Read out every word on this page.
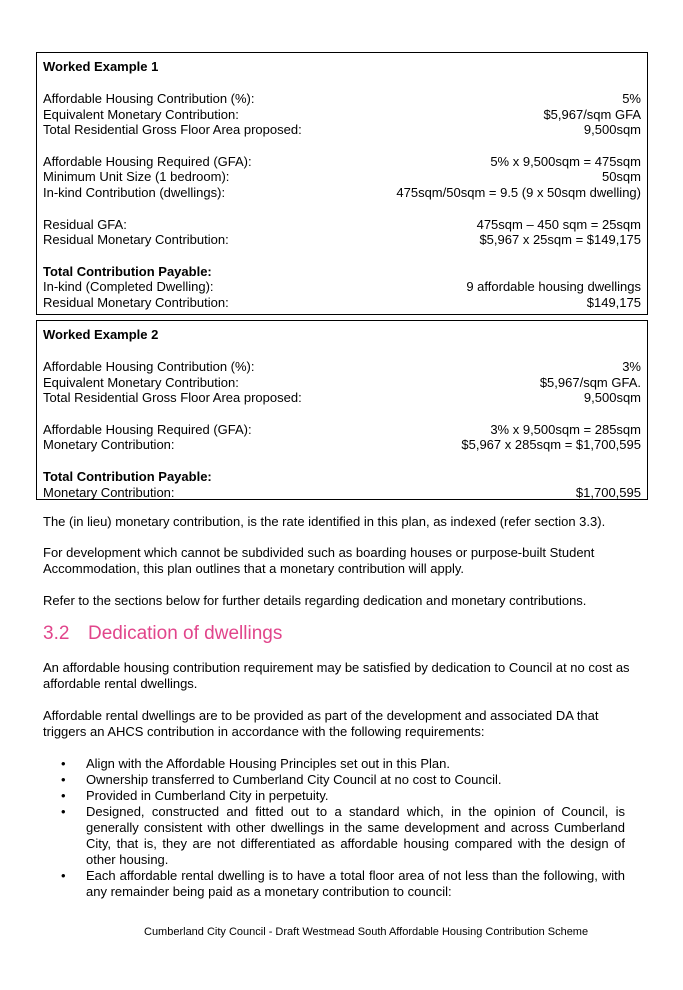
Worked Example 1
Affordable Housing Contribution (%):	5%
Equivalent Monetary Contribution:	$5,967/sqm GFA
Total Residential Gross Floor Area proposed:	9,500sqm
Affordable Housing Required (GFA):	5% x 9,500sqm = 475sqm
Minimum Unit Size (1 bedroom):	50sqm
In-kind Contribution (dwellings):	475sqm/50sqm = 9.5 (9 x 50sqm dwelling)
Residual GFA:	475sqm – 450 sqm = 25sqm
Residual Monetary Contribution:	$5,967 x 25sqm = $149,175
Total Contribution Payable:
In-kind (Completed Dwelling):	9 affordable housing dwellings
Residual Monetary Contribution:	$149,175
Worked Example 2
Affordable Housing Contribution (%):	3%
Equivalent Monetary Contribution:	$5,967/sqm GFA.
Total Residential Gross Floor Area proposed:	9,500sqm
Affordable Housing Required (GFA):	3% x 9,500sqm = 285sqm
Monetary Contribution:	$5,967 x 285sqm = $1,700,595
Total Contribution Payable:
Monetary Contribution:	$1,700,595
The (in lieu) monetary contribution, is the rate identified in this plan, as indexed (refer section 3.3).
For development which cannot be subdivided such as boarding houses or purpose-built Student Accommodation, this plan outlines that a monetary contribution will apply.
Refer to the sections below for further details regarding dedication and monetary contributions.
3.2 Dedication of dwellings
An affordable housing contribution requirement may be satisfied by dedication to Council at no cost as affordable rental dwellings.
Affordable rental dwellings are to be provided as part of the development and associated DA that triggers an AHCS contribution in accordance with the following requirements:
• Align with the Affordable Housing Principles set out in this Plan.
• Ownership transferred to Cumberland City Council at no cost to Council.
• Provided in Cumberland City in perpetuity.
• Designed, constructed and fitted out to a standard which, in the opinion of Council, is generally consistent with other dwellings in the same development and across Cumberland City, that is, they are not differentiated as affordable housing compared with the design of other housing.
• Each affordable rental dwelling is to have a total floor area of not less than the following, with any remainder being paid as a monetary contribution to council:
Cumberland City Council - Draft Westmead South Affordable Housing Contribution Scheme
